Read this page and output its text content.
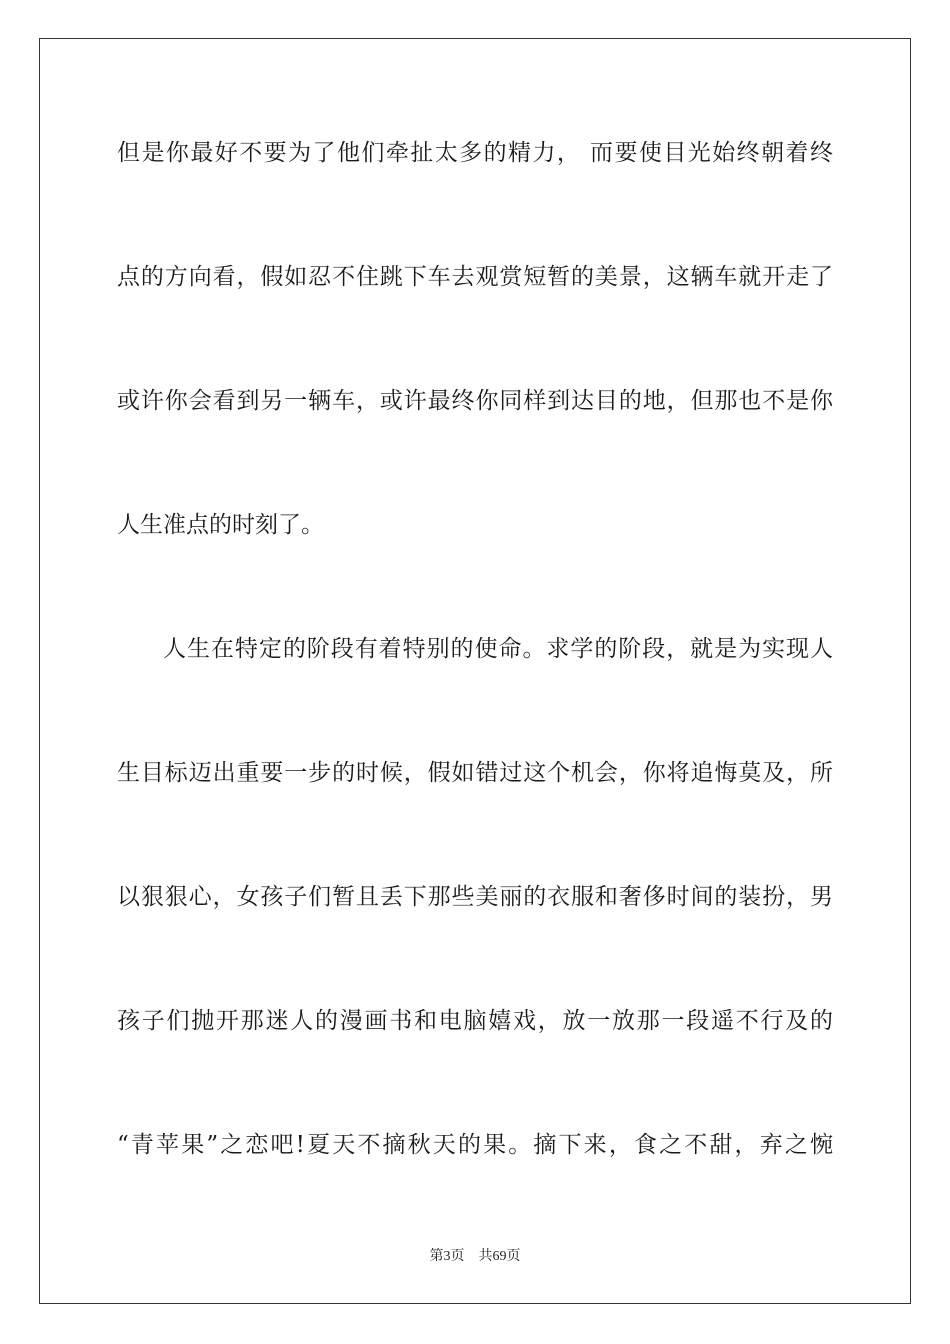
但是你最好不要为了他们牵扯太多的精力， 而要使目光始终朝着终
点的方向看，假如忍不住跳下车去观赏短暂的美景，这辆车就开走了
或许你会看到另一辆车，或许最终你同样到达目的地，但那也不是你
人生准点的时刻了。
人生在特定的阶段有着特别的使命。求学的阶段，就是为实现人
生目标迈出重要一步的时候，假如错过这个机会，你将追悔莫及，所
以狠狠心，女孩子们暂且丢下那些美丽的衣服和奢侈时间的装扮，男
孩子们抛开那迷人的漫画书和电脑嬉戏，放一放那一段遥不行及的
“青苹果”之恋吧!夏天不摘秋天的果。摘下来，食之不甜，弃之惋
第3页 共69页
